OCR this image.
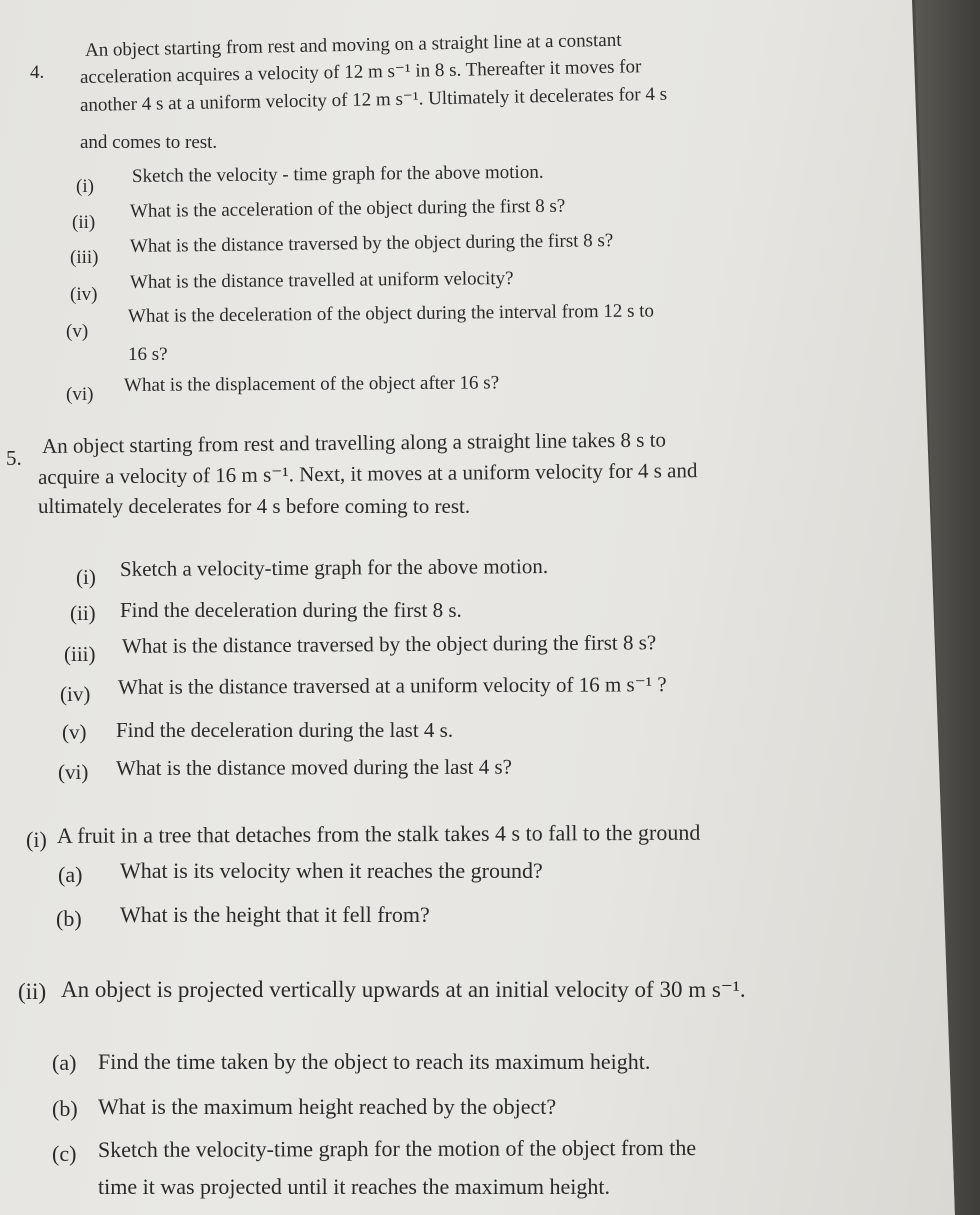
4.
An object starting from rest and moving on a straight line at a constant
acceleration acquires a velocity of 12 m s⁻¹ in 8 s. Thereafter it moves for
another 4 s at a uniform velocity of 12 m s⁻¹. Ultimately it decelerates for 4 s
and comes to rest.
(i) Sketch the velocity - time graph for the above motion.
(ii)
What is the acceleration of the object during the first 8 s?
(iii)
What is the distance traversed by the object during the first 8 s?
(iv)
What is the distance travelled at uniform velocity?
(v)
What is the deceleration of the object during the interval from 12 s to
16 s?
(vi) What is the displacement of the object after 16 s?
5.
An object starting from rest and travelling along a straight line takes 8 s to
acquire a velocity of 16 m s⁻¹. Next, it moves at a uniform velocity for 4 s and
ultimately decelerates for 4 s before coming to rest.
(i) Sketch a velocity-time graph for the above motion.
(ii) Find the deceleration during the first 8 s.
(iii) What is the distance traversed by the object during the first 8 s?
(iv) What is the distance traversed at a uniform velocity of 16 m s⁻¹ ?
(v) Find the deceleration during the last 4 s.
(vi) What is the distance moved during the last 4 s?
(i) A fruit in a tree that detaches from the stalk takes 4 s to fall to the ground
(a) What is its velocity when it reaches the ground?
(b) What is the height that it fell from?
(ii) An object is projected vertically upwards at an initial velocity of 30 m s⁻¹.
(a) Find the time taken by the object to reach its maximum height.
(b) What is the maximum height reached by the object?
(c) Sketch the velocity-time graph for the motion of the object from the
time it was projected until it reaches the maximum height.
